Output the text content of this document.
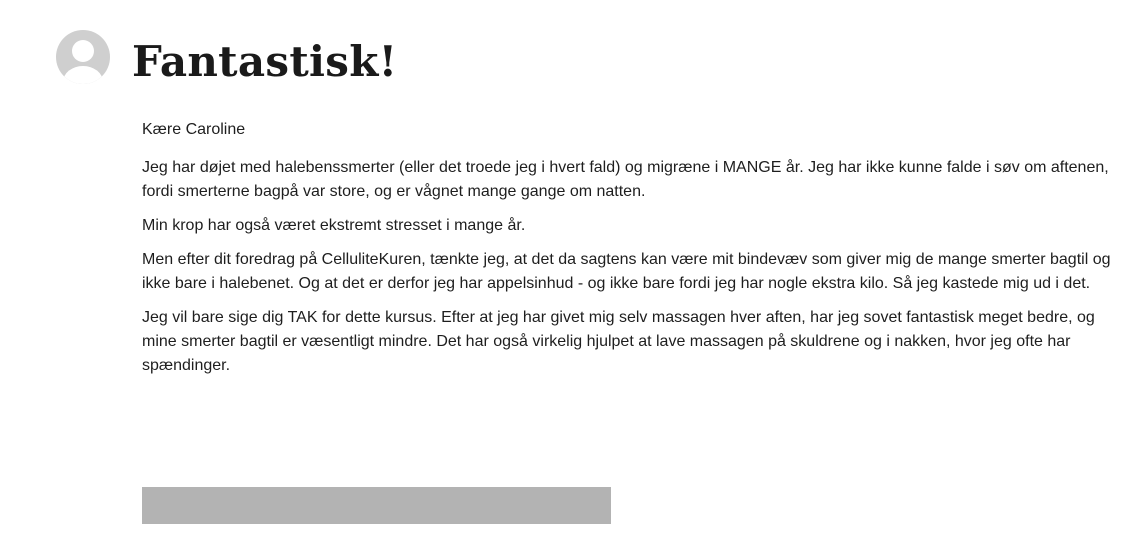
Fantastisk!

Kære Caroline

Jeg har døjet med halebenssmerter (eller det troede jeg i hvert fald) og migræne i MANGE år. Jeg har ikke kunne falde i søv om aftenen, fordi smerterne bagpå var store, og er vågnet mange gange om natten.

Min krop har også været ekstremt stresset i mange år.

Men efter dit foredrag på CelluliteKuren, tænkte jeg, at det da sagtens kan være mit bindevæv som giver mig de mange smerter bagtil og ikke bare i halebenet. Og at det er derfor jeg har appelsinhud - og ikke bare fordi jeg har nogle ekstra kilo. Så jeg kastede mig ud i det.

Jeg vil bare sige dig TAK for dette kursus. Efter at jeg har givet mig selv massagen hver aften, har jeg sovet fantastisk meget bedre, og mine smerter bagtil er væsentligt mindre. Det har også virkelig hjulpet at lave massagen på skuldrene og i nakken, hvor jeg ofte har spændinger.
